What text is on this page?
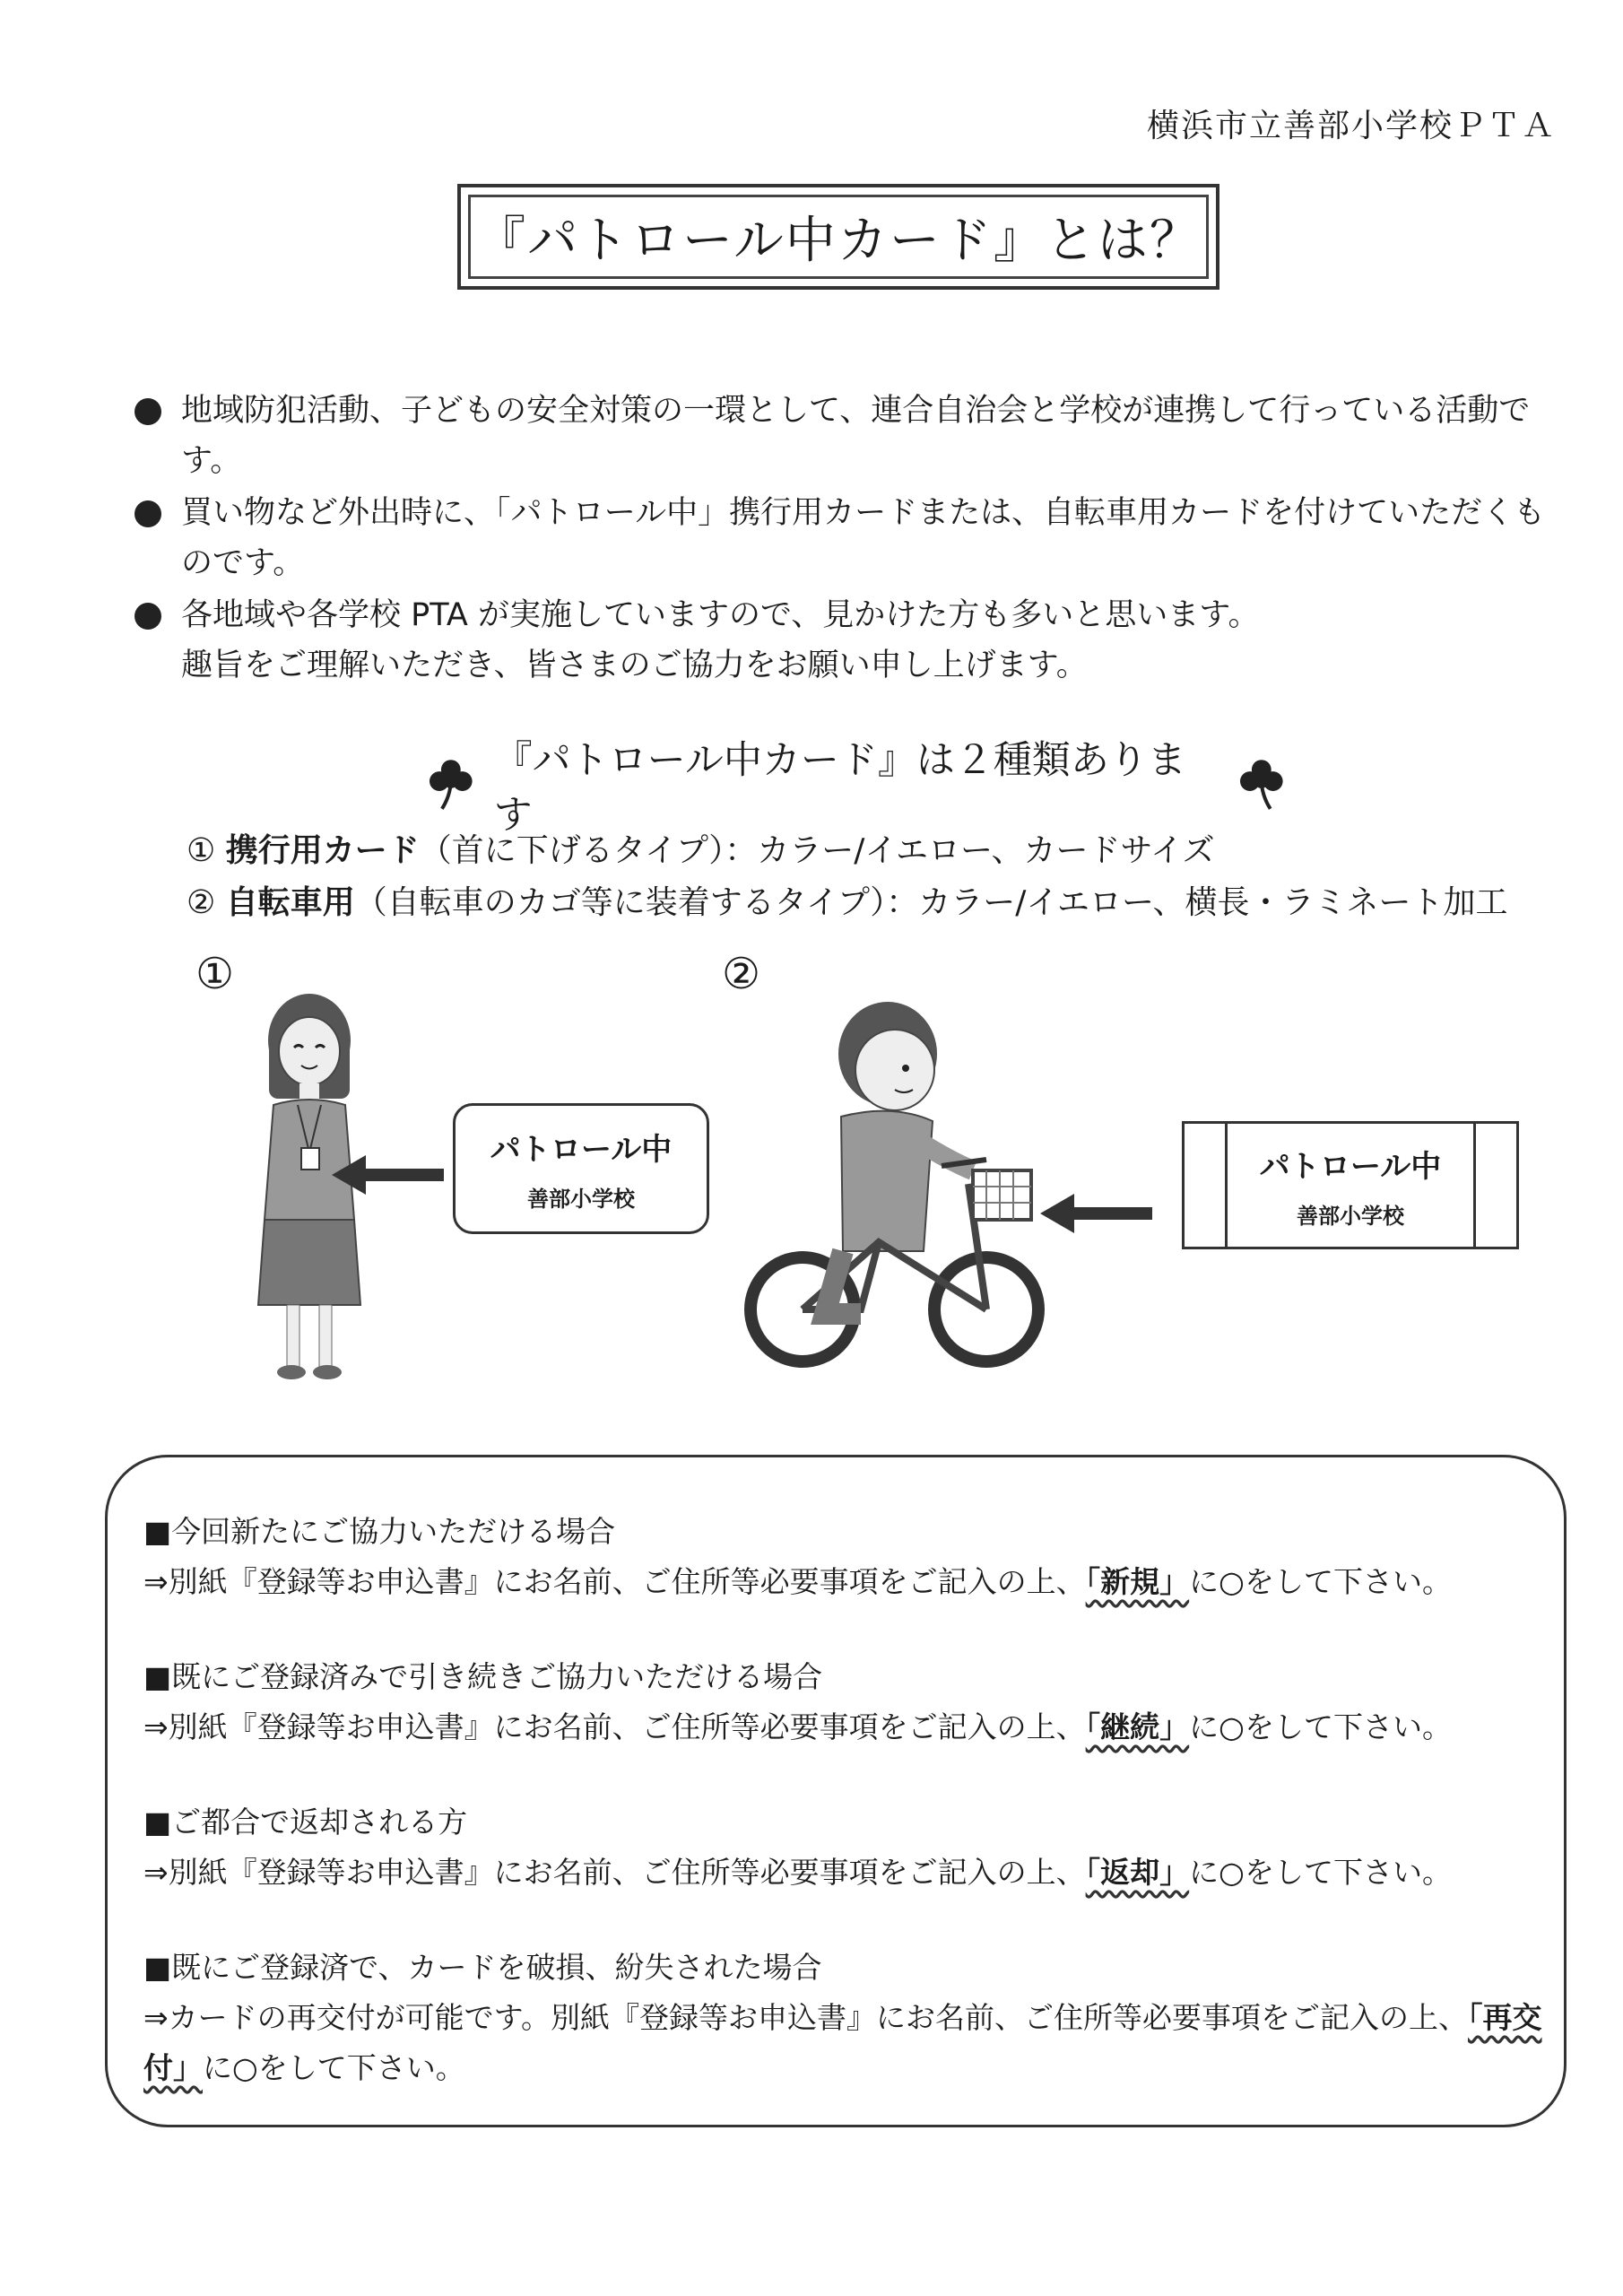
横浜市立善部小学校ＰＴＡ
『パトロール中カード』とは？
地域防犯活動、子どもの安全対策の一環として、連合自治会と学校が連携して行っている活動です。
買い物など外出時に、「パトロール中」携行用カードまたは、自転車用カードを付けていただくものです。
各地域や各学校 PTA が実施していますので、見かけた方も多いと思います。
趣旨をご理解いただき、皆さまのご協力をお願い申し上げます。
『パトロール中カード』は２種類あります
① 携行用カード（首に下げるタイプ）：カラー/イエロー、カードサイズ
② 自転車用（自転車のカゴ等に装着するタイプ）：カラー/イエロー、横長・ラミネート加工
①	②
パトロール中
善部小学校
パトロール中
善部小学校
■今回新たにご協力いただける場合
⇒別紙『登録等お申込書』にお名前、ご住所等必要事項をご記入の上、「新規」に○をして下さい。
■既にご登録済みで引き続きご協力いただける場合
⇒別紙『登録等お申込書』にお名前、ご住所等必要事項をご記入の上、「継続」に○をして下さい。
■ご都合で返却される方
⇒別紙『登録等お申込書』にお名前、ご住所等必要事項をご記入の上、「返却」に○をして下さい。
■既にご登録済で、カードを破損、紛失された場合
⇒カードの再交付が可能です。別紙『登録等お申込書』にお名前、ご住所等必要事項をご記入の上、「再交付」に○をして下さい。
